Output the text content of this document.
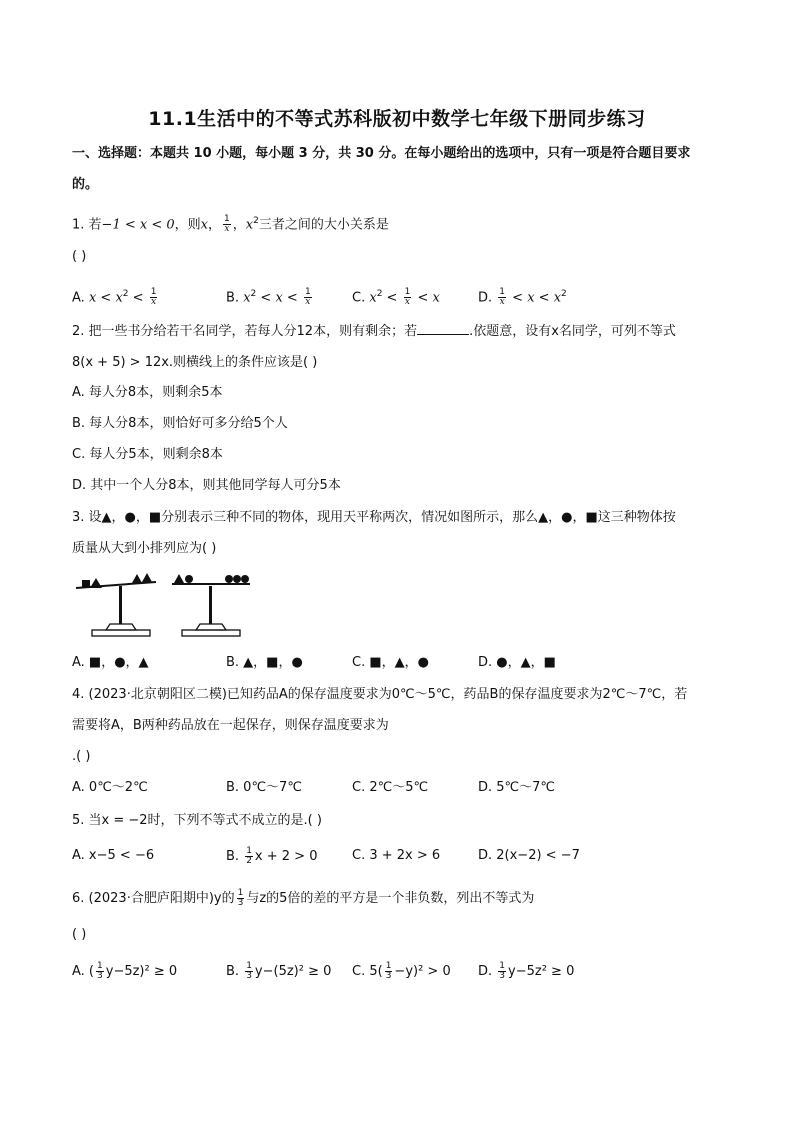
11.1生活中的不等式苏科版初中数学七年级下册同步练习
一、选择题：本题共 10 小题，每小题 3 分，共 30 分。在每小题给出的选项中，只有一项是符合题目要求
的。
1. 若−1 < x < 0，则x， $\frac{1}{x}$ ，$x^2$三者之间的大小关系是
( )
A. $x < x^2 < \frac{1}{x}$	B. $x^2 < x < \frac{1}{x}$	C. $x^2 < \frac{1}{x} < x$	D. $\frac{1}{x} < x < x^2$
2. 把一些书分给若干名同学，若每人分12本，则有剩余；若	.依题意，设有x名同学，可列不等式
8(x + 5) > 12x.则横线上的条件应该是( )
A. 每人分8本，则剩余5本
B. 每人分8本，则恰好可多分给5个人
C. 每人分5本，则剩余8本
D. 其中一个人分8本，则其他同学每人可分5本
3. 设▲，●，■分别表示三种不同的物体，现用天平称两次，情况如图所示，那么▲，●，■这三种物体按
质量从大到小排列应为( )
A. ■，●，▲	B. ▲，■，●	C. ■，▲，●	D. ●，▲，■
4. (2023·北京朝阳区二模)已知药品A的保存温度要求为0℃～5℃，药品B的保存温度要求为2℃～7℃，若
需要将A，B两种药品放在一起保存，则保存温度要求为
.( )
A. 0℃～2℃	B. 0℃～7℃	C. 2℃～5℃	D. 5℃～7℃
5. 当x = −2时，下列不等式不成立的是.( )
A. x−5 < −6	B. $\frac{1}{2}$ x + 2 > 0	C. 3 + 2x > 6	D. 2(x−2) < −7
6. (2023·合肥庐阳期中)y的 $\frac{1}{3}$ 与z的5倍的差的平方是一个非负数，列出不等式为
( )
A. ( $\frac{1}{3} y-5z)^2 \ge 0$	B. $\frac{1}{3} y-(5z)^2 \ge 0$ C. $5( \frac{1}{3} -y)^2 > 0$ D. $\frac{1}{3} y-5z^2 \ge 0$
